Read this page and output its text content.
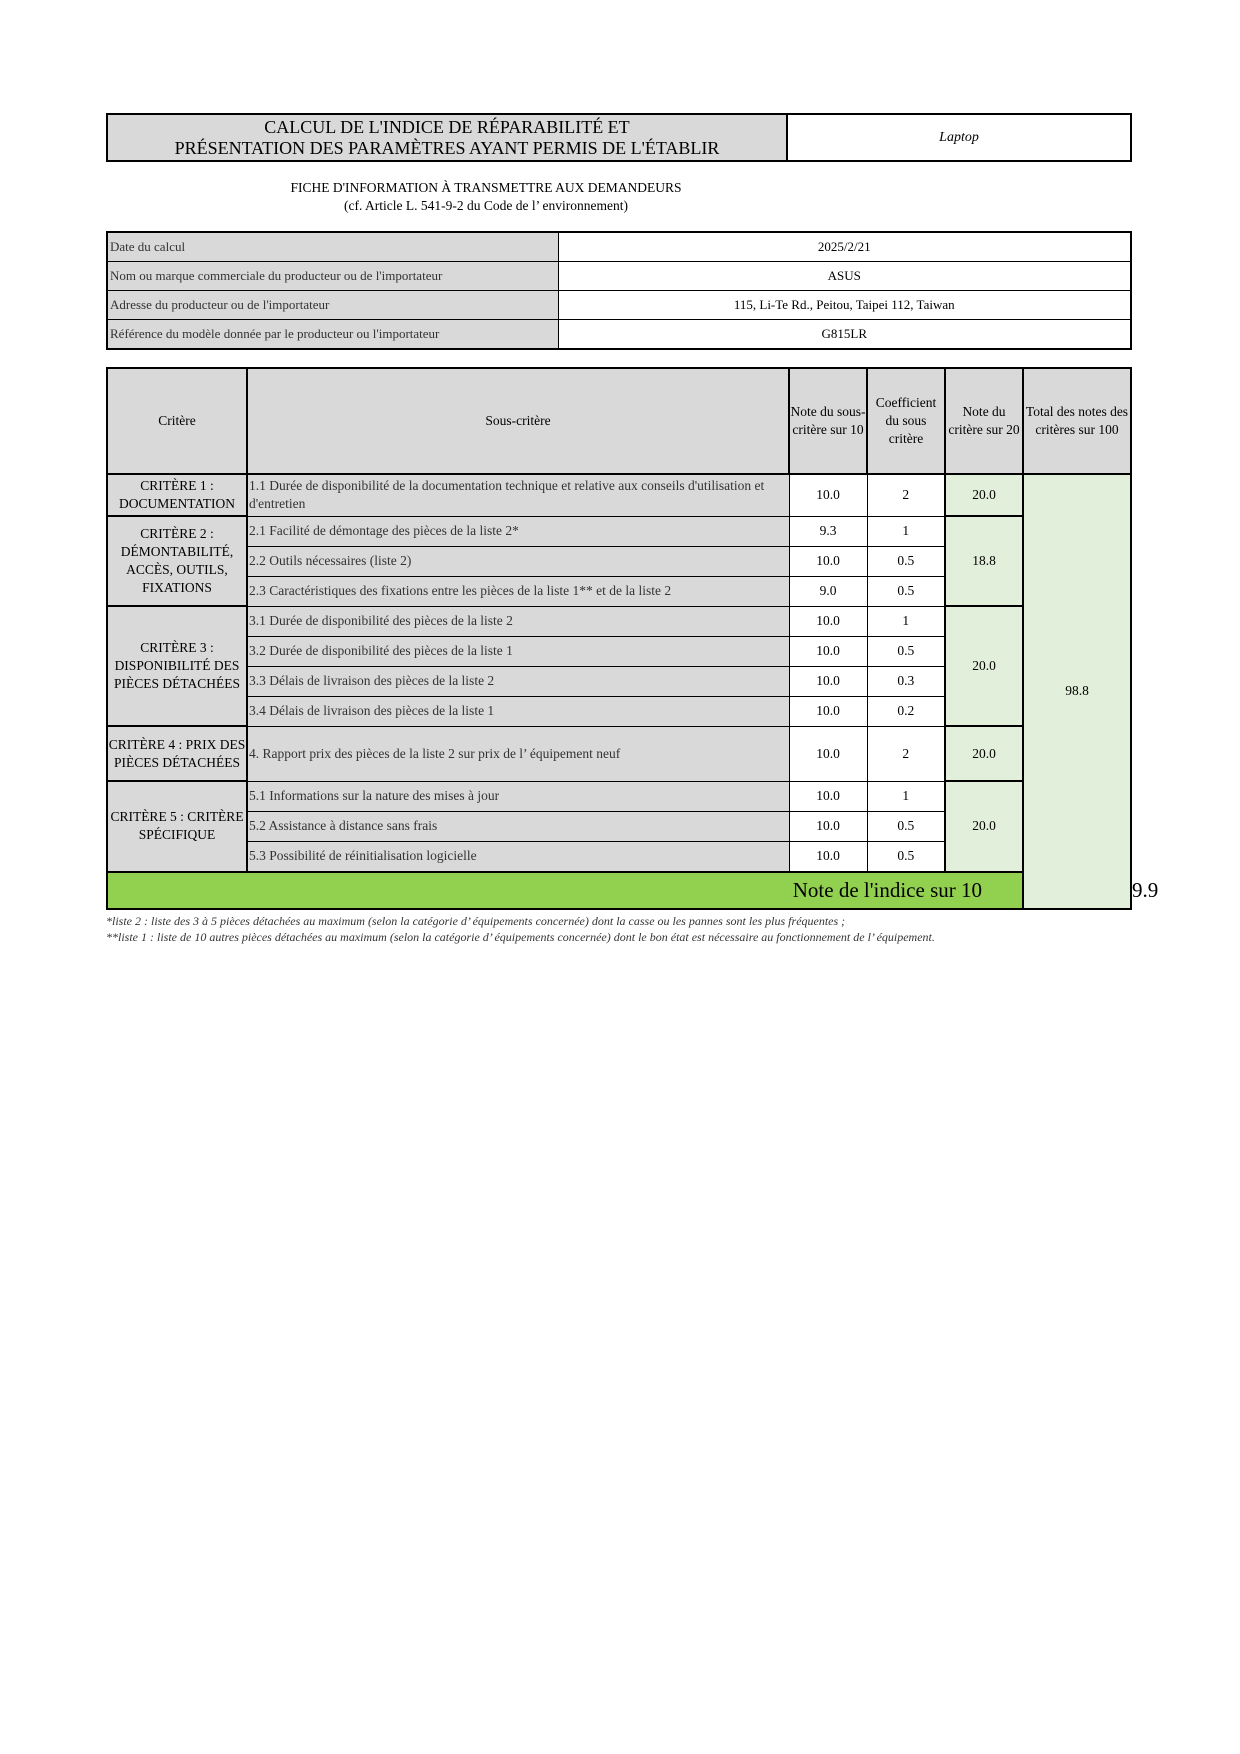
CALCUL DE L'INDICE DE RÉPARABILITÉ ET
PRÉSENTATION DES PARAMÈTRES AYANT PERMIS DE L'ÉTABLIR
	Laptop
FICHE D'INFORMATION À TRANSMETTRE AUX DEMANDEURS
(cf. Article L. 541-9-2 du Code de l’ environnement)
Date du calcul	2025/2/21
Nom ou marque commerciale du producteur ou de l'importateur	ASUS
Adresse du producteur ou de l'importateur	115, Li-Te Rd., Peitou, Taipei 112, Taiwan
Référence du modèle donnée par le producteur ou l'importateur	G815LR
Critère	Sous-critère	Note du sous-critère sur 10	Coefficient du sous critère	Note du critère sur 20	Total des notes des critères sur 100	
CRITÈRE 1 : DOCUMENTATION	1.1 Durée de disponibilité de la documentation technique et relative aux conseils d'utilisation et d'entretien	10.0	2	20.0	98.8	
CRITÈRE 2 : DÉMONTABILITÉ, ACCÈS, OUTILS, FIXATIONS	2.1 Facilité de démontage des pièces de la liste 2*	9.3	1	18.8		
	2.2 Outils nécessaires (liste 2)	10.0	0.5			
	2.3 Caractéristiques des fixations entre les pièces de la liste 1** et de la liste 2	9.0	0.5			
CRITÈRE 3 : DISPONIBILITÉ DES PIÈCES DÉTACHÉES	3.1 Durée de disponibilité des pièces de la liste 2	10.0	1	20.0		
	3.2 Durée de disponibilité des pièces de la liste 1	10.0	0.5			
	3.3 Délais de livraison des pièces de la liste 2	10.0	0.3			
	3.4 Délais de livraison des pièces de la liste 1	10.0	0.2			
CRITÈRE 4 : PRIX DES PIÈCES DÉTACHÉES	4. Rapport prix des pièces de la liste 2 sur prix de l’ équipement neuf	10.0	2	20.0		
CRITÈRE 5 : CRITÈRE SPÉCIFIQUE	5.1 Informations sur la nature des mises à jour	10.0	1	20.0		
	5.2 Assistance à distance sans frais	10.0	0.5			
	5.3 Possibilité de réinitialisation logicielle	10.0	0.5			
Note de l'indice sur 10						9.9
*liste 2 : liste des 3 à 5 pièces détachées au maximum (selon la catégorie d’ équipements concernée) dont la casse ou les pannes sont les plus fréquentes ;
**liste 1 : liste de 10 autres pièces détachées au maximum (selon la catégorie d’ équipements concernée) dont le bon état est nécessaire au fonctionnement de l’ équipement.
